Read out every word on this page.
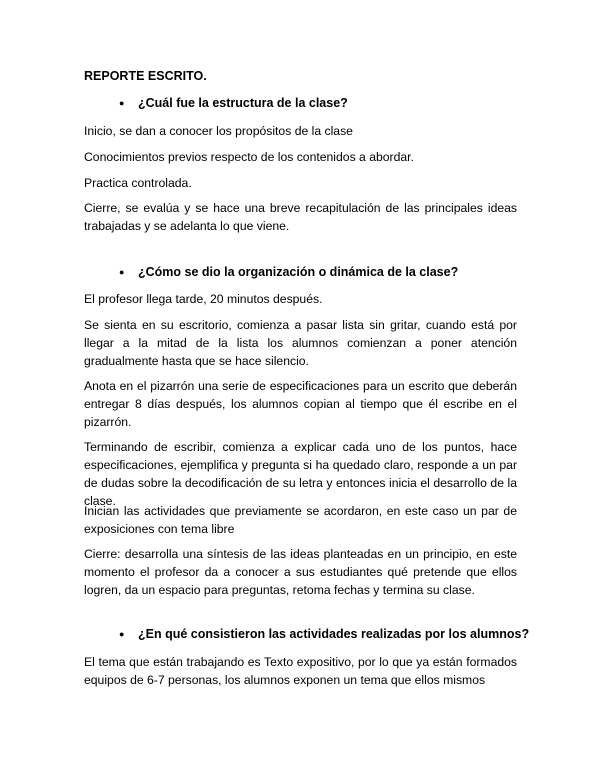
REPORTE ESCRITO.

● ¿Cuál fue la estructura de la clase?

Inicio, se dan a conocer los propósitos de la clase

Conocimientos previos respecto de los contenidos a abordar.

Practica controlada.

Cierre, se evalúa y se hace una breve recapitulación de las principales ideas trabajadas y se adelanta lo que viene.

● ¿Cómo se dio la organización o dinámica de la clase?

El profesor llega tarde, 20 minutos después.

Se sienta en su escritorio, comienza a pasar lista sin gritar, cuando está por llegar a la mitad de la lista los alumnos comienzan a poner atención gradualmente hasta que se hace silencio.

Anota en el pizarrón una serie de especificaciones para un escrito que deberán entregar 8 días después, los alumnos copian al tiempo que él escribe en el pizarrón.

Terminando de escribir, comienza a explicar cada uno de los puntos, hace especificaciones, ejemplifica y pregunta si ha quedado claro, responde a un par de dudas sobre la decodificación de su letra y entonces inicia el desarrollo de la clase.

Inician las actividades que previamente se acordaron, en este caso un par de exposiciones con tema libre

Cierre: desarrolla una síntesis de las ideas planteadas en un principio, en este momento el profesor da a conocer a sus estudiantes qué pretende que ellos logren, da un espacio para preguntas, retoma fechas y termina su clase.

● ¿En qué consistieron las actividades realizadas por los alumnos?

El tema que están trabajando es Texto expositivo, por lo que ya están formados equipos de 6-7 personas, los alumnos exponen un tema que ellos mismos
